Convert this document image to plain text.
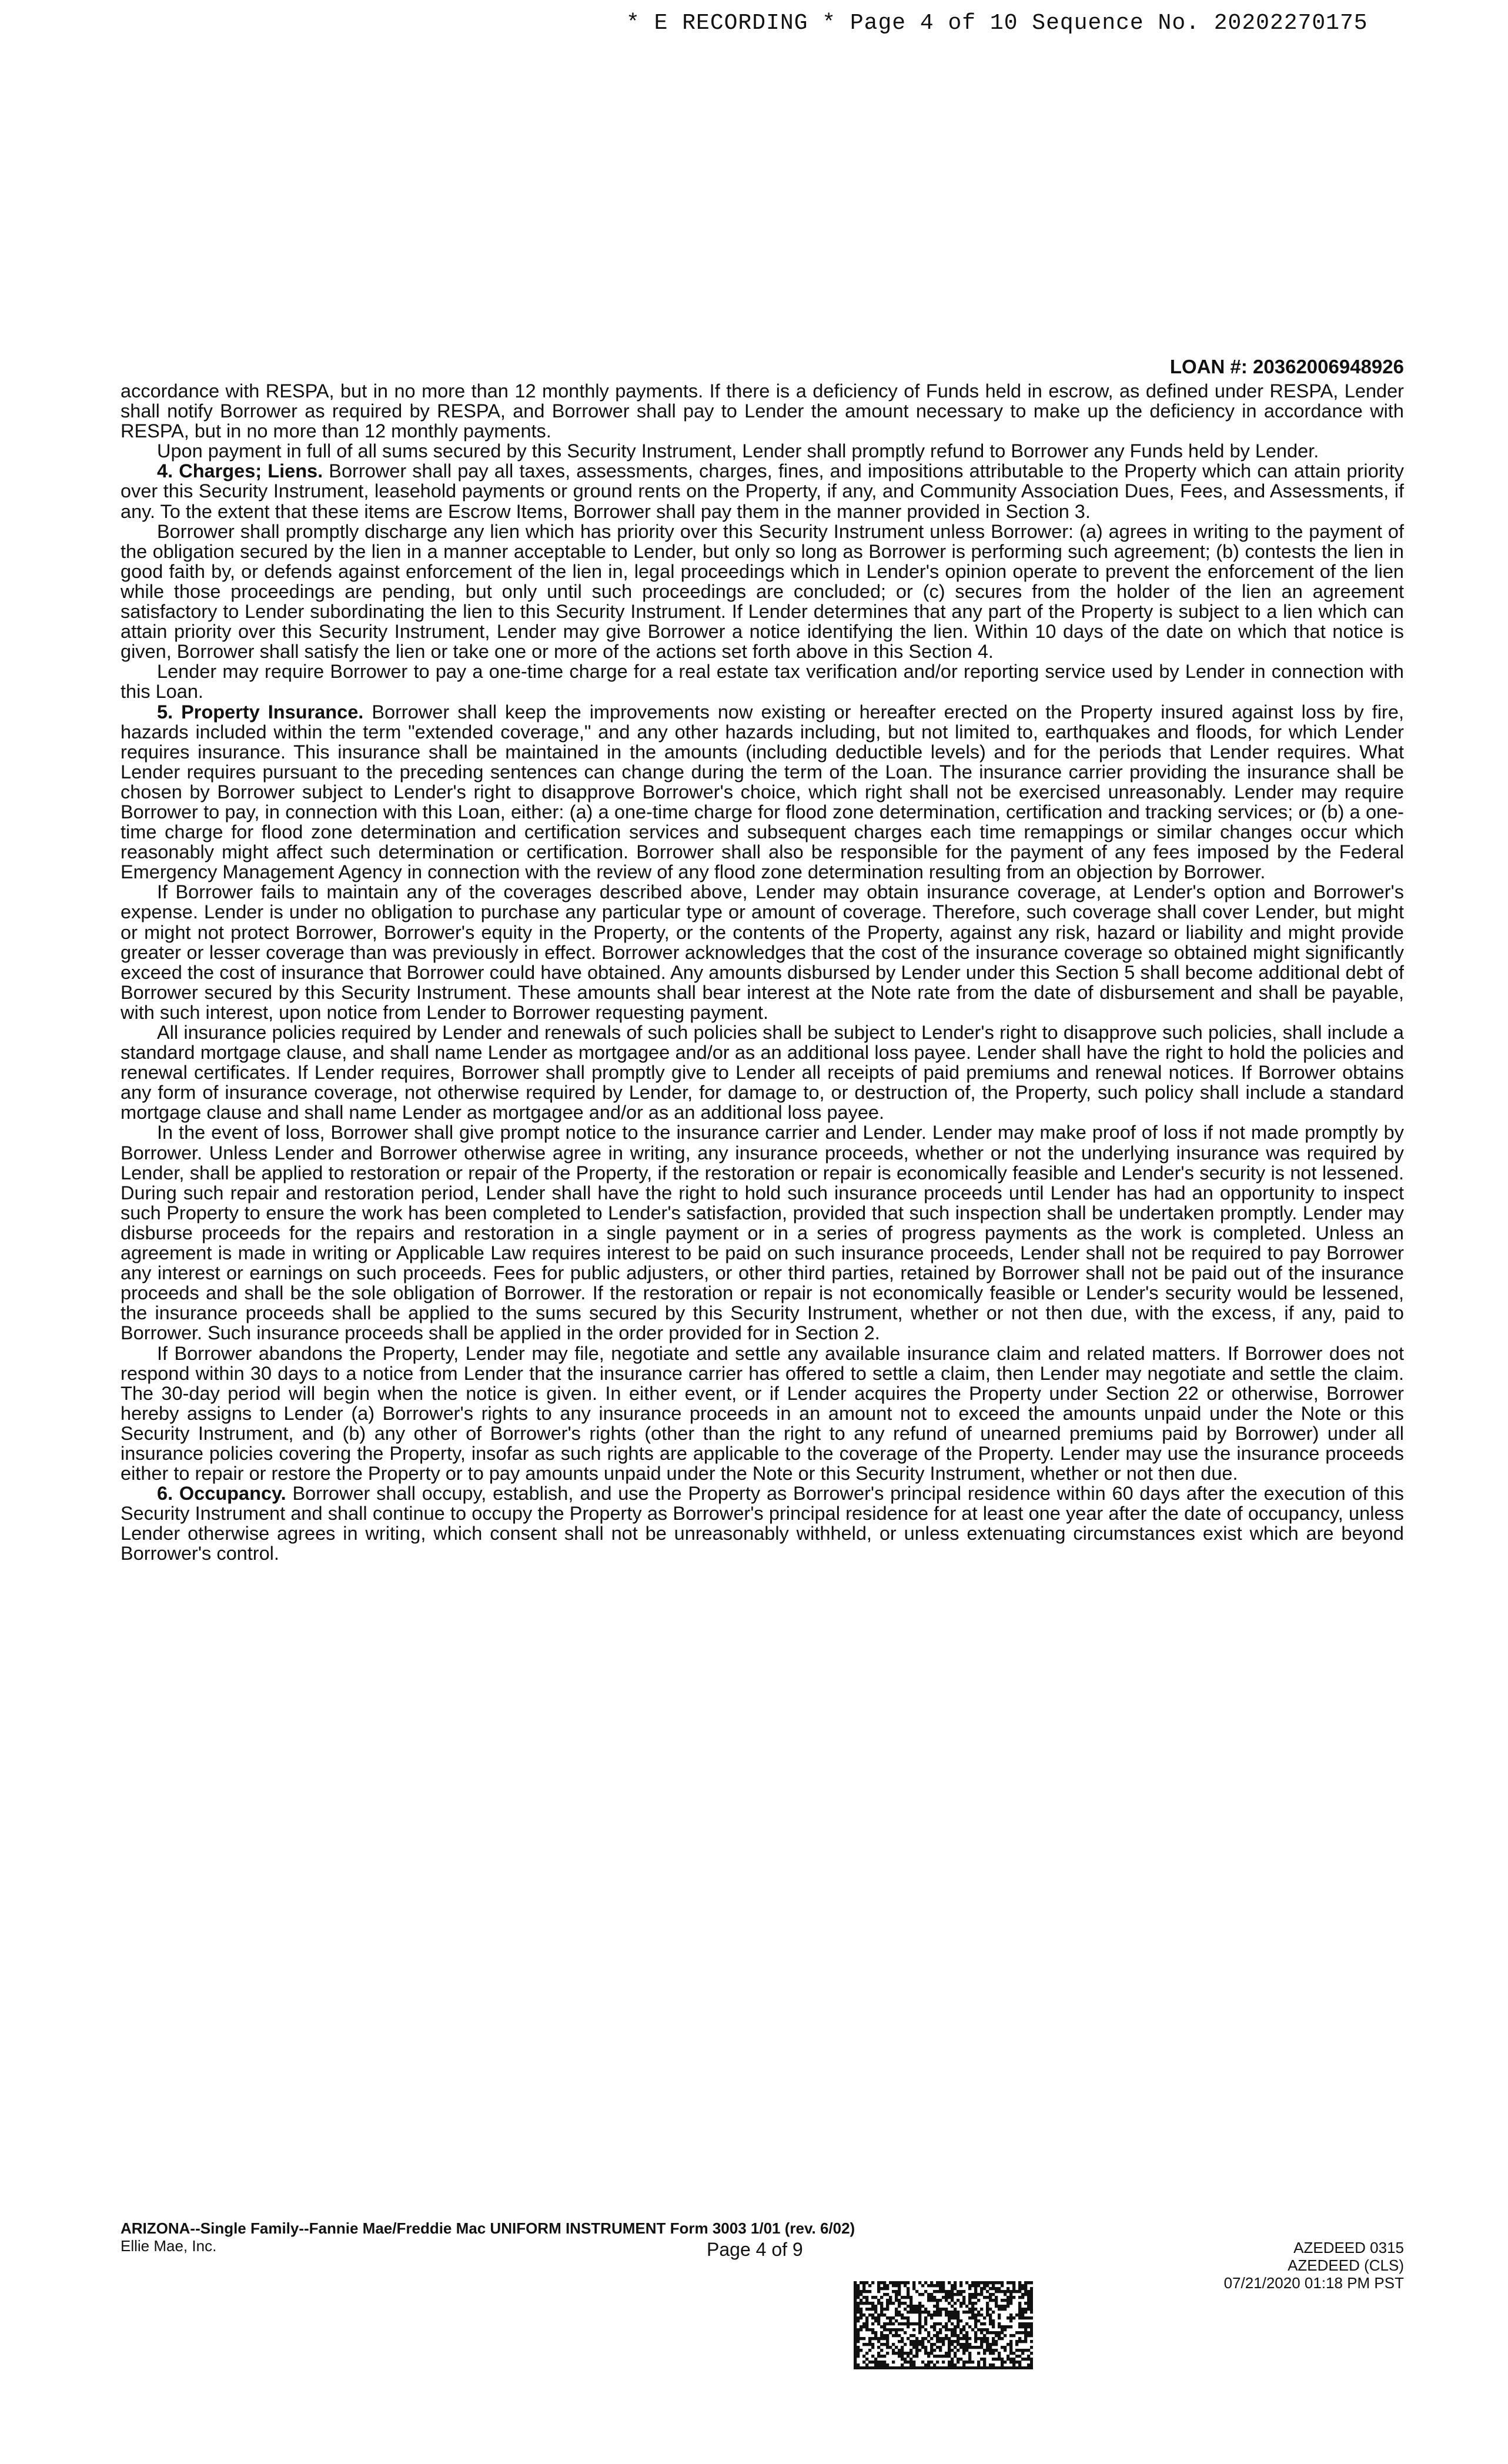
* E RECORDING * Page 4 of 10 Sequence No. 20202270175
LOAN #: 20362006948926

accordance with RESPA, but in no more than 12 monthly payments. If there is a deficiency of Funds held in escrow, as defined under RESPA, Lender shall notify Borrower as required by RESPA, and Borrower shall pay to Lender the amount necessary to make up the deficiency in accordance with RESPA, but in no more than 12 monthly payments.

Upon payment in full of all sums secured by this Security Instrument, Lender shall promptly refund to Borrower any Funds held by Lender.

4. Charges; Liens. Borrower shall pay all taxes, assessments, charges, fines, and impositions attributable to the Property which can attain priority over this Security Instrument, leasehold payments or ground rents on the Property, if any, and Community Association Dues, Fees, and Assessments, if any. To the extent that these items are Escrow Items, Borrower shall pay them in the manner provided in Section 3.

Borrower shall promptly discharge any lien which has priority over this Security Instrument unless Borrower: (a) agrees in writing to the payment of the obligation secured by the lien in a manner acceptable to Lender, but only so long as Borrower is performing such agreement; (b) contests the lien in good faith by, or defends against enforcement of the lien in, legal proceedings which in Lender's opinion operate to prevent the enforcement of the lien while those proceedings are pending, but only until such proceedings are concluded; or (c) secures from the holder of the lien an agreement satisfactory to Lender subordinating the lien to this Security Instrument. If Lender determines that any part of the Property is subject to a lien which can attain priority over this Security Instrument, Lender may give Borrower a notice identifying the lien. Within 10 days of the date on which that notice is given, Borrower shall satisfy the lien or take one or more of the actions set forth above in this Section 4.

Lender may require Borrower to pay a one-time charge for a real estate tax verification and/or reporting service used by Lender in connection with this Loan.

5. Property Insurance. Borrower shall keep the improvements now existing or hereafter erected on the Property insured against loss by fire, hazards included within the term "extended coverage," and any other hazards including, but not limited to, earthquakes and floods, for which Lender requires insurance. This insurance shall be maintained in the amounts (including deductible levels) and for the periods that Lender requires. What Lender requires pursuant to the preceding sentences can change during the term of the Loan. The insurance carrier providing the insurance shall be chosen by Borrower subject to Lender's right to disapprove Borrower's choice, which right shall not be exercised unreasonably. Lender may require Borrower to pay, in connection with this Loan, either: (a) a one-time charge for flood zone determination, certification and tracking services; or (b) a one-time charge for flood zone determination and certification services and subsequent charges each time remappings or similar changes occur which reasonably might affect such determination or certification. Borrower shall also be responsible for the payment of any fees imposed by the Federal Emergency Management Agency in connection with the review of any flood zone determination resulting from an objection by Borrower.

If Borrower fails to maintain any of the coverages described above, Lender may obtain insurance coverage, at Lender's option and Borrower's expense. Lender is under no obligation to purchase any particular type or amount of coverage. Therefore, such coverage shall cover Lender, but might or might not protect Borrower, Borrower's equity in the Property, or the contents of the Property, against any risk, hazard or liability and might provide greater or lesser coverage than was previously in effect. Borrower acknowledges that the cost of the insurance coverage so obtained might significantly exceed the cost of insurance that Borrower could have obtained. Any amounts disbursed by Lender under this Section 5 shall become additional debt of Borrower secured by this Security Instrument. These amounts shall bear interest at the Note rate from the date of disbursement and shall be payable, with such interest, upon notice from Lender to Borrower requesting payment.

All insurance policies required by Lender and renewals of such policies shall be subject to Lender's right to disapprove such policies, shall include a standard mortgage clause, and shall name Lender as mortgagee and/or as an additional loss payee. Lender shall have the right to hold the policies and renewal certificates. If Lender requires, Borrower shall promptly give to Lender all receipts of paid premiums and renewal notices. If Borrower obtains any form of insurance coverage, not otherwise required by Lender, for damage to, or destruction of, the Property, such policy shall include a standard mortgage clause and shall name Lender as mortgagee and/or as an additional loss payee.

In the event of loss, Borrower shall give prompt notice to the insurance carrier and Lender. Lender may make proof of loss if not made promptly by Borrower. Unless Lender and Borrower otherwise agree in writing, any insurance proceeds, whether or not the underlying insurance was required by Lender, shall be applied to restoration or repair of the Property, if the restoration or repair is economically feasible and Lender's security is not lessened. During such repair and restoration period, Lender shall have the right to hold such insurance proceeds until Lender has had an opportunity to inspect such Property to ensure the work has been completed to Lender's satisfaction, provided that such inspection shall be undertaken promptly. Lender may disburse proceeds for the repairs and restoration in a single payment or in a series of progress payments as the work is completed. Unless an agreement is made in writing or Applicable Law requires interest to be paid on such insurance proceeds, Lender shall not be required to pay Borrower any interest or earnings on such proceeds. Fees for public adjusters, or other third parties, retained by Borrower shall not be paid out of the insurance proceeds and shall be the sole obligation of Borrower. If the restoration or repair is not economically feasible or Lender's security would be lessened, the insurance proceeds shall be applied to the sums secured by this Security Instrument, whether or not then due, with the excess, if any, paid to Borrower. Such insurance proceeds shall be applied in the order provided for in Section 2.

If Borrower abandons the Property, Lender may file, negotiate and settle any available insurance claim and related matters. If Borrower does not respond within 30 days to a notice from Lender that the insurance carrier has offered to settle a claim, then Lender may negotiate and settle the claim. The 30-day period will begin when the notice is given. In either event, or if Lender acquires the Property under Section 22 or otherwise, Borrower hereby assigns to Lender (a) Borrower's rights to any insurance proceeds in an amount not to exceed the amounts unpaid under the Note or this Security Instrument, and (b) any other of Borrower's rights (other than the right to any refund of unearned premiums paid by Borrower) under all insurance policies covering the Property, insofar as such rights are applicable to the coverage of the Property. Lender may use the insurance proceeds either to repair or restore the Property or to pay amounts unpaid under the Note or this Security Instrument, whether or not then due.

6. Occupancy. Borrower shall occupy, establish, and use the Property as Borrower's principal residence within 60 days after the execution of this Security Instrument and shall continue to occupy the Property as Borrower's principal residence for at least one year after the date of occupancy, unless Lender otherwise agrees in writing, which consent shall not be unreasonably withheld, or unless extenuating circumstances exist which are beyond Borrower's control.

ARIZONA--Single Family--Fannie Mae/Freddie Mac UNIFORM INSTRUMENT Form 3003 1/01 (rev. 6/02)
Ellie Mae, Inc.	Page 4 of 9	AZEDEED 0315
AZEDEED (CLS)
07/21/2020 01:18 PM PST
